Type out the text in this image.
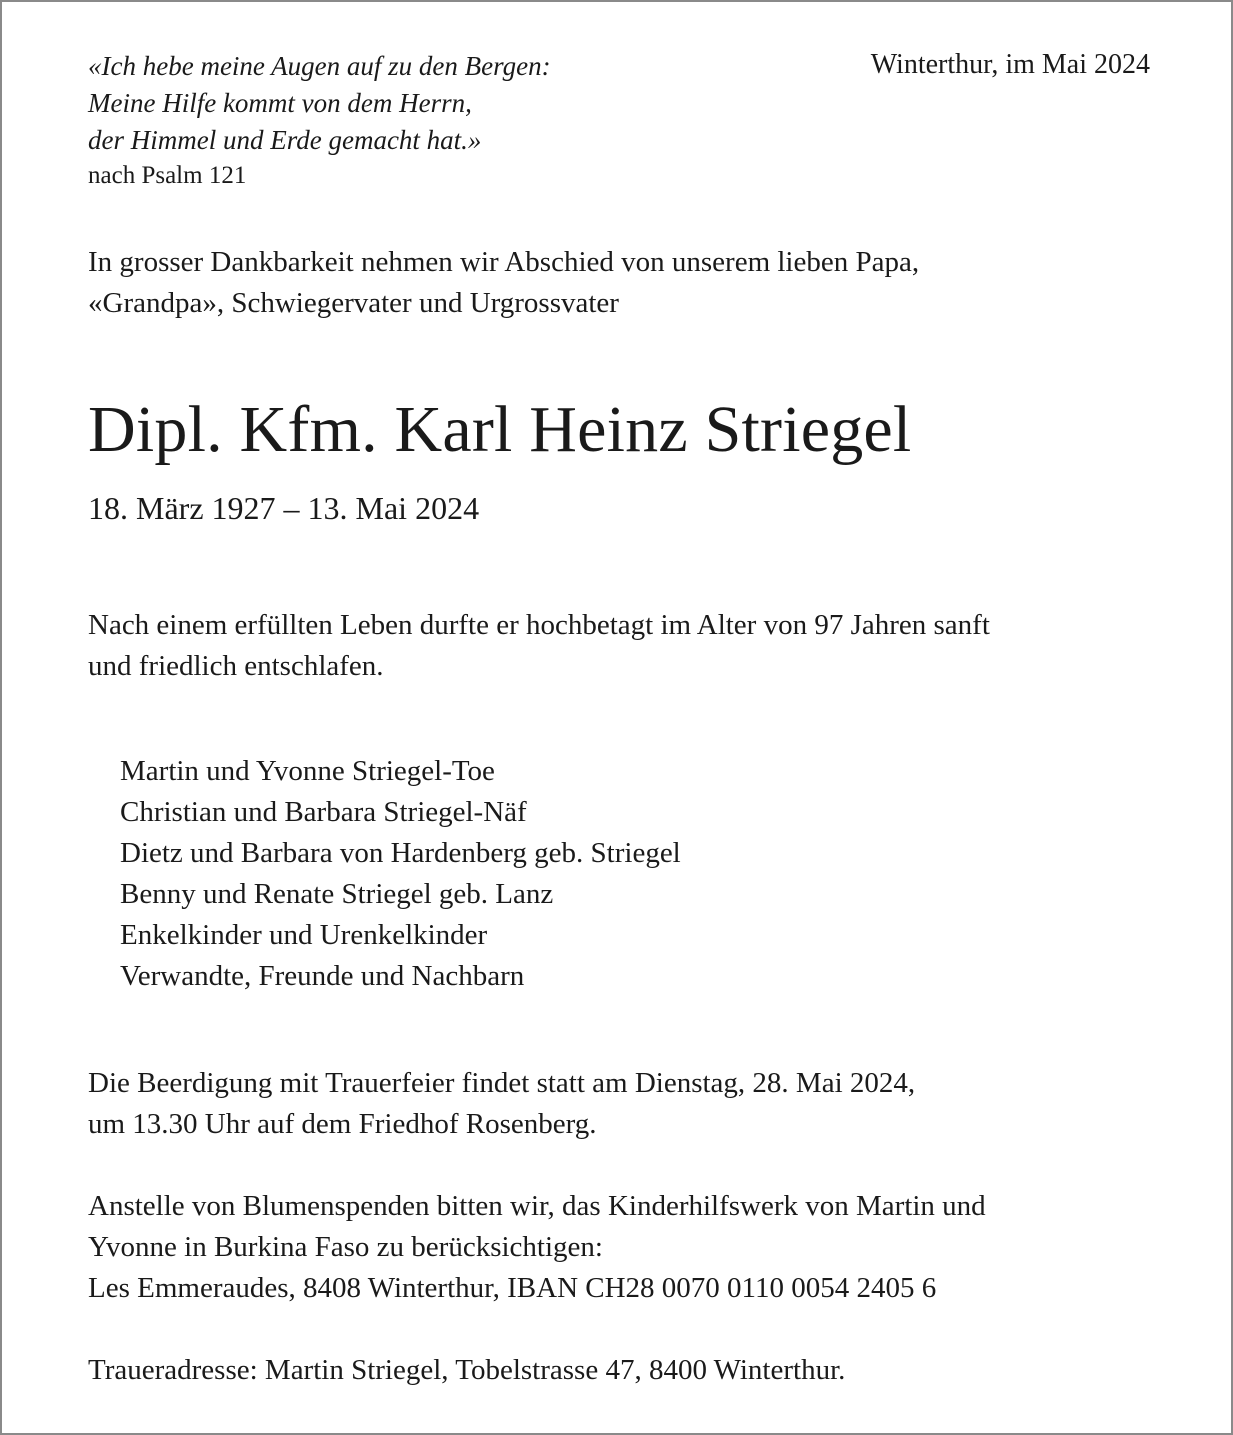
«Ich hebe meine Augen auf zu den Bergen:
Meine Hilfe kommt von dem Herrn,
der Himmel und Erde gemacht hat.»
nach Psalm 121
Winterthur, im Mai 2024
In grosser Dankbarkeit nehmen wir Abschied von unserem lieben Papa,
«Grandpa», Schwiegervater und Urgrossvater
Dipl. Kfm. Karl Heinz Striegel
18. März 1927 – 13. Mai 2024
Nach einem erfüllten Leben durfte er hochbetagt im Alter von 97 Jahren sanft
und friedlich entschlafen.
Martin und Yvonne Striegel-Toe
Christian und Barbara Striegel-Näf
Dietz und Barbara von Hardenberg geb. Striegel
Benny und Renate Striegel geb. Lanz
Enkelkinder und Urenkelkinder
Verwandte, Freunde und Nachbarn
Die Beerdigung mit Trauerfeier findet statt am Dienstag, 28. Mai 2024,
um 13.30 Uhr auf dem Friedhof Rosenberg.
Anstelle von Blumenspenden bitten wir, das Kinderhilfswerk von Martin und
Yvonne in Burkina Faso zu berücksichtigen:
Les Emmeraudes, 8408 Winterthur, IBAN CH28 0070 0110 0054 2405 6
Traueradresse: Martin Striegel, Tobelstrasse 47, 8400 Winterthur.
